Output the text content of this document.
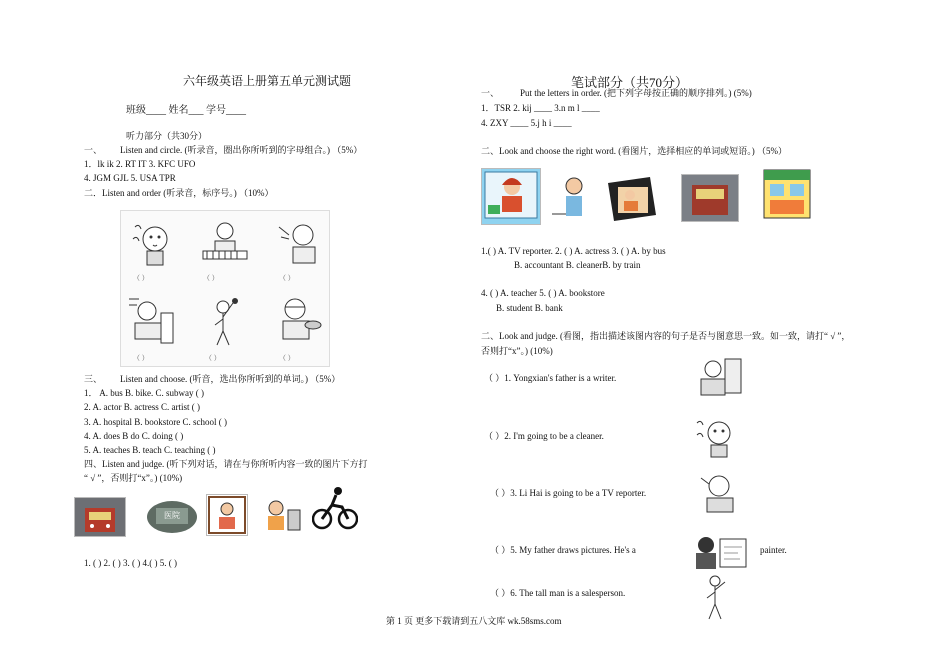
六年级英语上册第五单元测试题
班级____ 姓名___ 学号____
听力部分（共30分）
一、 Listen and circle. (听录音，圈出你所听到的字母组合。) （5%）
1．lk ik 2. RT IT 3. KFC UFO
4. JGM GJL 5. USA TPR
二．Listen and order (听录音，标序号。) （10%）
（ ）	（ ）	（ ）
（ ）	（ ）	（ ）
三、 Listen and choose. (听音，选出你所听到的单词。) （5%）
1． A. bus B. bike. C. subway ( )
2. A. actor B. actress C. artist ( )
3. A. hospital B. bookstore C. school ( )
4. A. does B do C. doing ( )
5. A. teaches B. teach C. teaching ( )
四、Listen and judge. (听下列对话，请在与你所听内容一致的图片下方打
“ √ ”，否则打“x”。) (10%)
医院
1. ( ) 2. ( ) 3. ( ) 4.( ) 5. ( )
笔试部分（共70分）
一、 Put the letters in order. (把下列字母按正确的顺序排列。) (5%)
1．TSR 2. kij ____ 3.n m l ____
4. ZXY ____ 5.j h i ____
二、Look and choose the right word. (看图片，选择相应的单词或短语。) （5%）
1.( ) A. TV reporter. 2. ( ) A. actress 3. ( ) A. by bus
B. accountant B. cleanerB. by train
4. ( ) A. teacher 5. ( ) A. bookstore
B. student B. bank
二、Look and judge. (看图，指出描述该图内容的句子是否与图意思一致。如一致，请打“ √ ”，
否则打“x”。) (10%)
（ ）1. Yongxian's father is a writer.
（ ）2. I'm going to be a cleaner.
（ ）3. Li Hai is going to be a TV reporter.
（ ）5. My father draws pictures. He's a	painter.
（ ）6. The tall man is a salesperson.
第 1 页 更多下载请到五八文库 wk.58sms.com
